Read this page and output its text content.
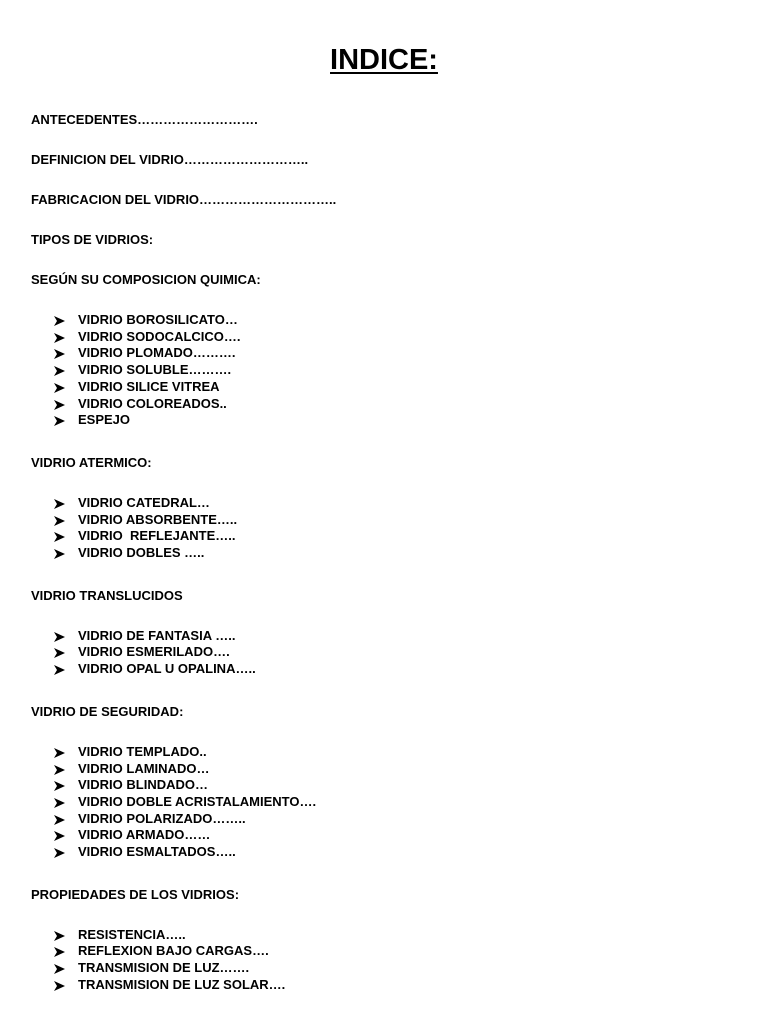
INDICE:
ANTECEDENTES……………………….
DEFINICION DEL VIDRIO………………………..
FABRICACION DEL VIDRIO…………………………..
TIPOS DE VIDRIOS:
SEGÚN SU COMPOSICION QUIMICA:
VIDRIO BOROSILICATO…
VIDRIO SODOCALCICO….
VIDRIO PLOMADO……….
VIDRIO SOLUBLE……….
VIDRIO SILICE VITREA
VIDRIO COLOREADOS..
ESPEJO
VIDRIO ATERMICO:
VIDRIO CATEDRAL…
VIDRIO ABSORBENTE…..
VIDRIO  REFLEJANTE…..
VIDRIO DOBLES …..
VIDRIO TRANSLUCIDOS
VIDRIO DE FANTASIA …..
VIDRIO ESMERILADO….
VIDRIO OPAL U OPALINA…..
VIDRIO DE SEGURIDAD:
VIDRIO TEMPLADO..
VIDRIO LAMINADO…
VIDRIO BLINDADO…
VIDRIO DOBLE ACRISTALAMIENTO….
VIDRIO POLARIZADO……..
VIDRIO ARMADO……
VIDRIO ESMALTADOS…..
PROPIEDADES DE LOS VIDRIOS:
RESISTENCIA…..
REFLEXION BAJO CARGAS….
TRANSMISION DE LUZ…….
TRANSMISION DE LUZ SOLAR….
